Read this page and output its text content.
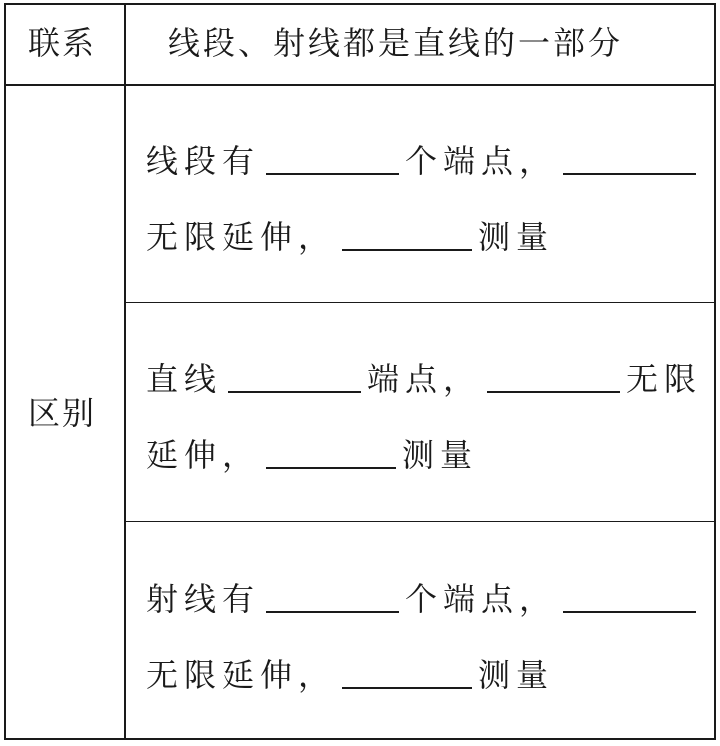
联系 线段、射线都是直线的一部分
区别
线段有	个端点，
无限延伸，	测量
直线	端点，	无限
延伸，	测量
射线有	个端点，
无限延伸，	测量
